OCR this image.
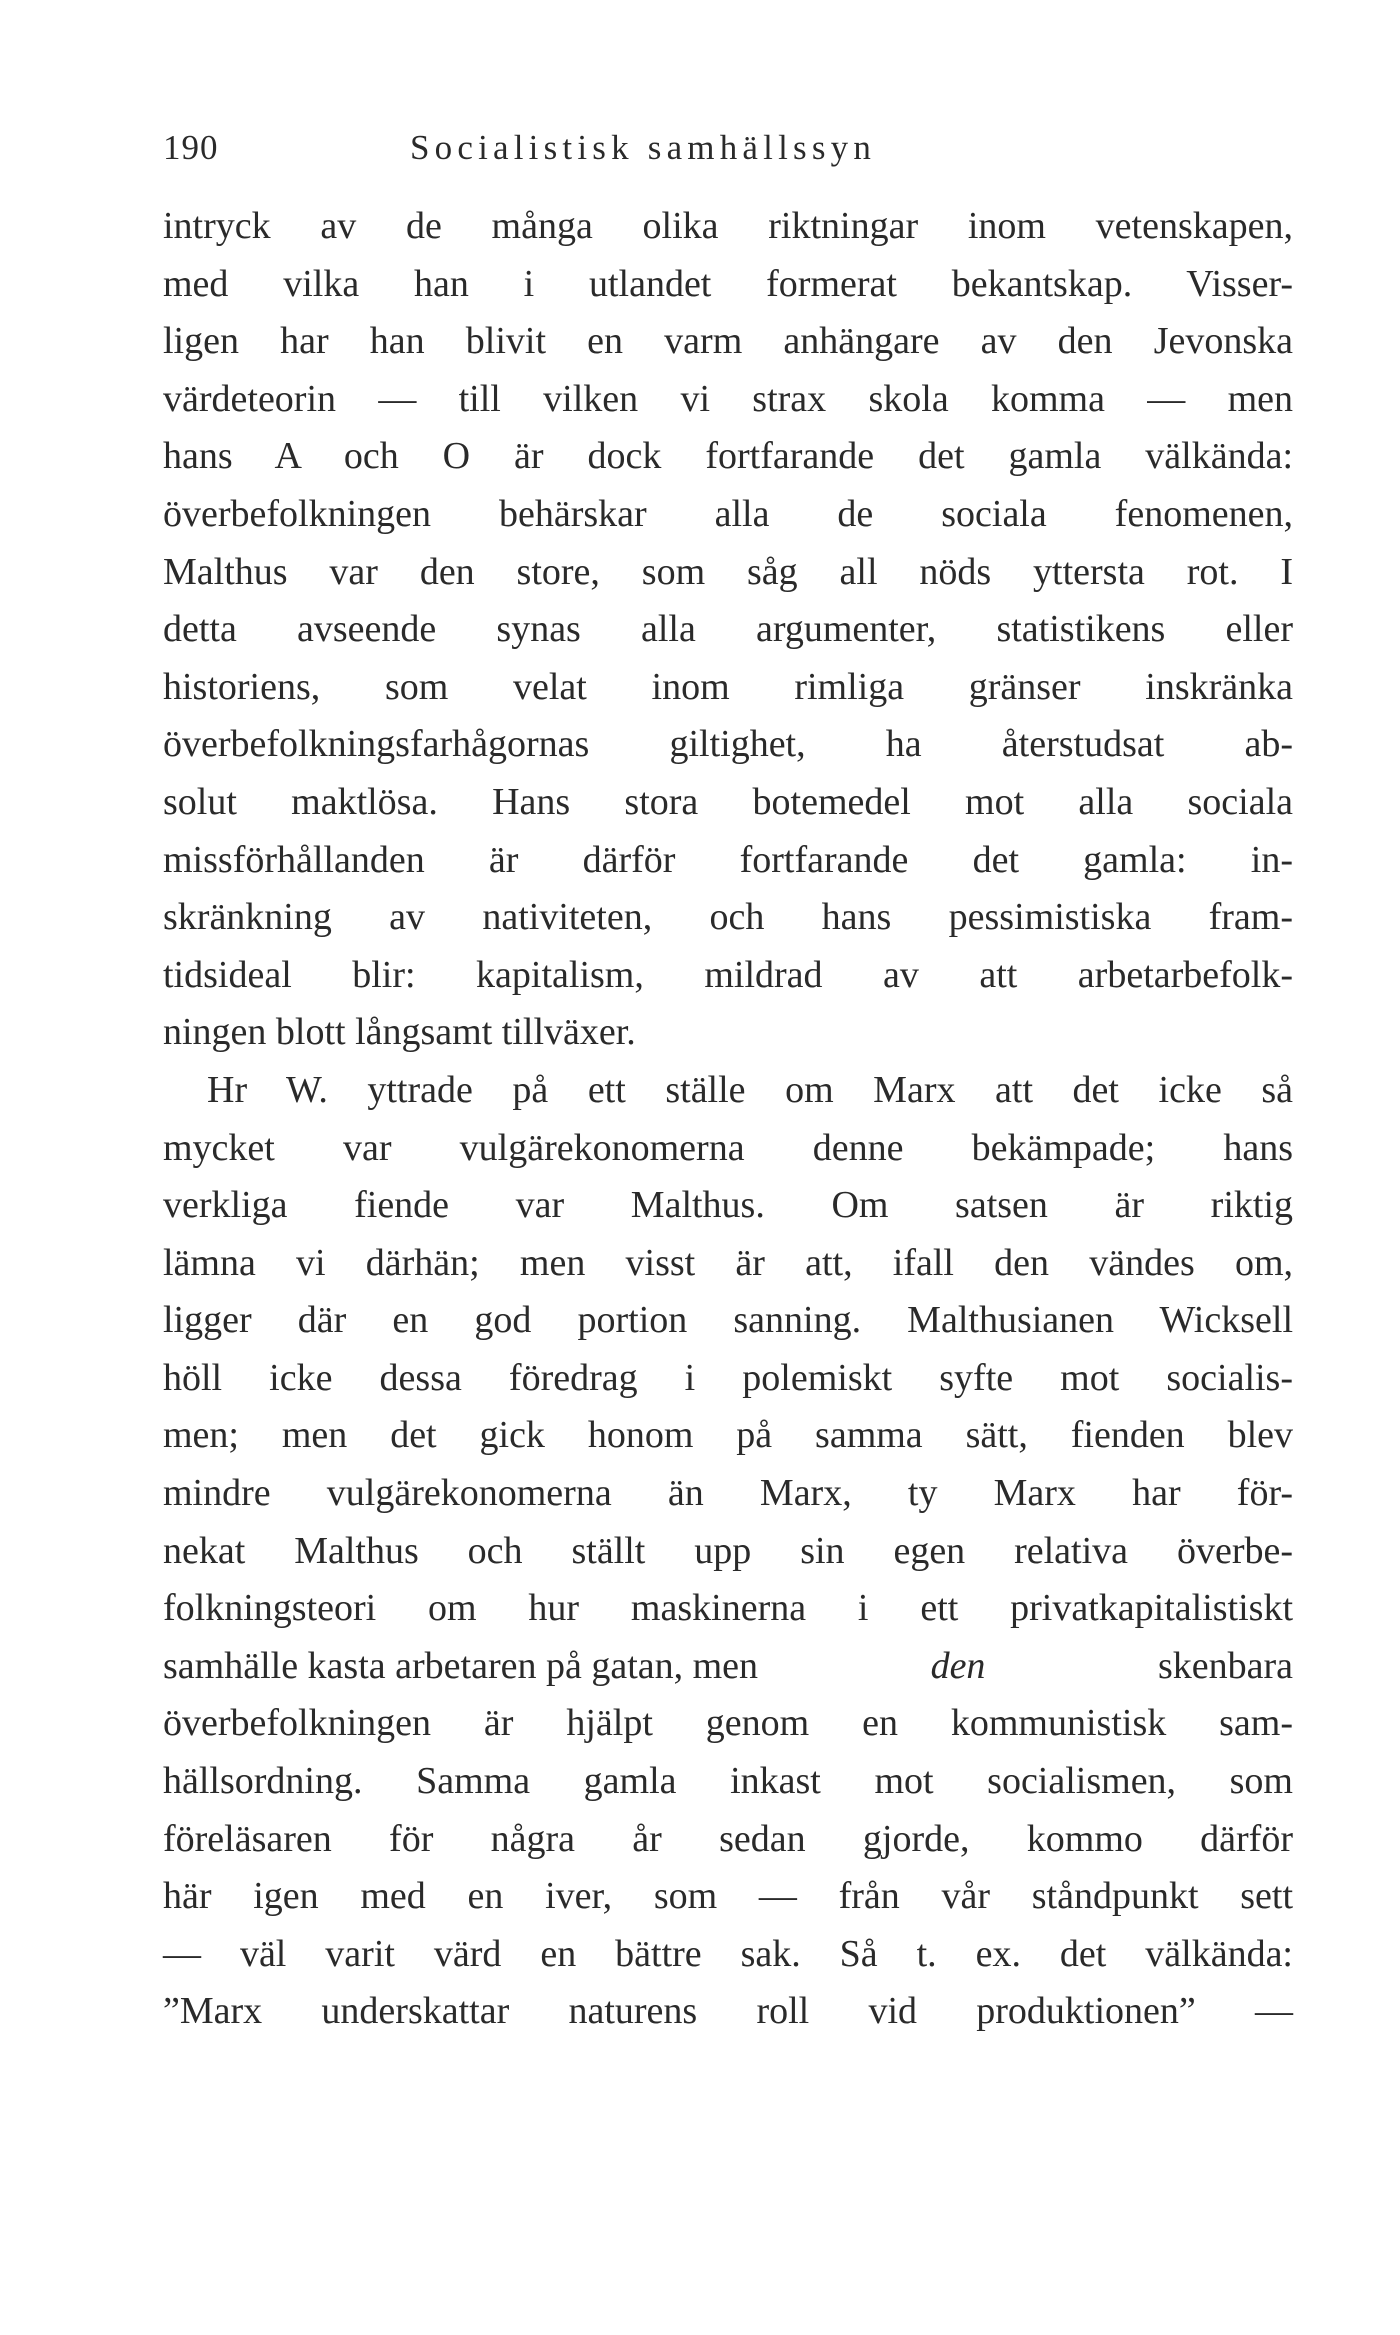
190	Socialistisk samhällssyn
intryck av de många olika riktningar inom vetenskapen,
med vilka han i utlandet formerat bekantskap. Visser-
ligen har han blivit en varm anhängare av den Jevonska
värdeteorin — till vilken vi strax skola komma — men
hans A och O är dock fortfarande det gamla välkända:
överbefolkningen behärskar alla de sociala fenomenen,
Malthus var den store, som såg all nöds yttersta rot. I
detta avseende synas alla argumenter, statistikens eller
historiens, som velat inom rimliga gränser inskränka
överbefolkningsfarhågornas giltighet, ha återstudsat ab-
solut maktlösa. Hans stora botemedel mot alla sociala
missförhållanden är därför fortfarande det gamla: in-
skränkning av nativiteten, och hans pessimistiska fram-
tidsideal blir: kapitalism, mildrad av att arbetarbefolk-
ningen blott långsamt tillväxer.
Hr W. yttrade på ett ställe om Marx att det icke så
mycket var vulgärekonomerna denne bekämpade; hans
verkliga fiende var Malthus. Om satsen är riktig
lämna vi därhän; men visst är att, ifall den vändes om,
ligger där en god portion sanning. Malthusianen Wicksell
höll icke dessa föredrag i polemiskt syfte mot socialis-
men; men det gick honom på samma sätt, fienden blev
mindre vulgärekonomerna än Marx, ty Marx har för-
nekat Malthus och ställt upp sin egen relativa överbe-
folkningsteori om hur maskinerna i ett privatkapitalistiskt
samhälle kasta arbetaren på gatan, men	den	skenbara
överbefolkningen är hjälpt genom en kommunistisk sam-
hällsordning. Samma gamla inkast mot socialismen, som
föreläsaren för några år sedan gjorde, kommo därför
här igen med en iver, som — från vår ståndpunkt sett
— väl varit värd en bättre sak. Så t. ex. det välkända:
”Marx underskattar naturens roll vid produktionen” —
